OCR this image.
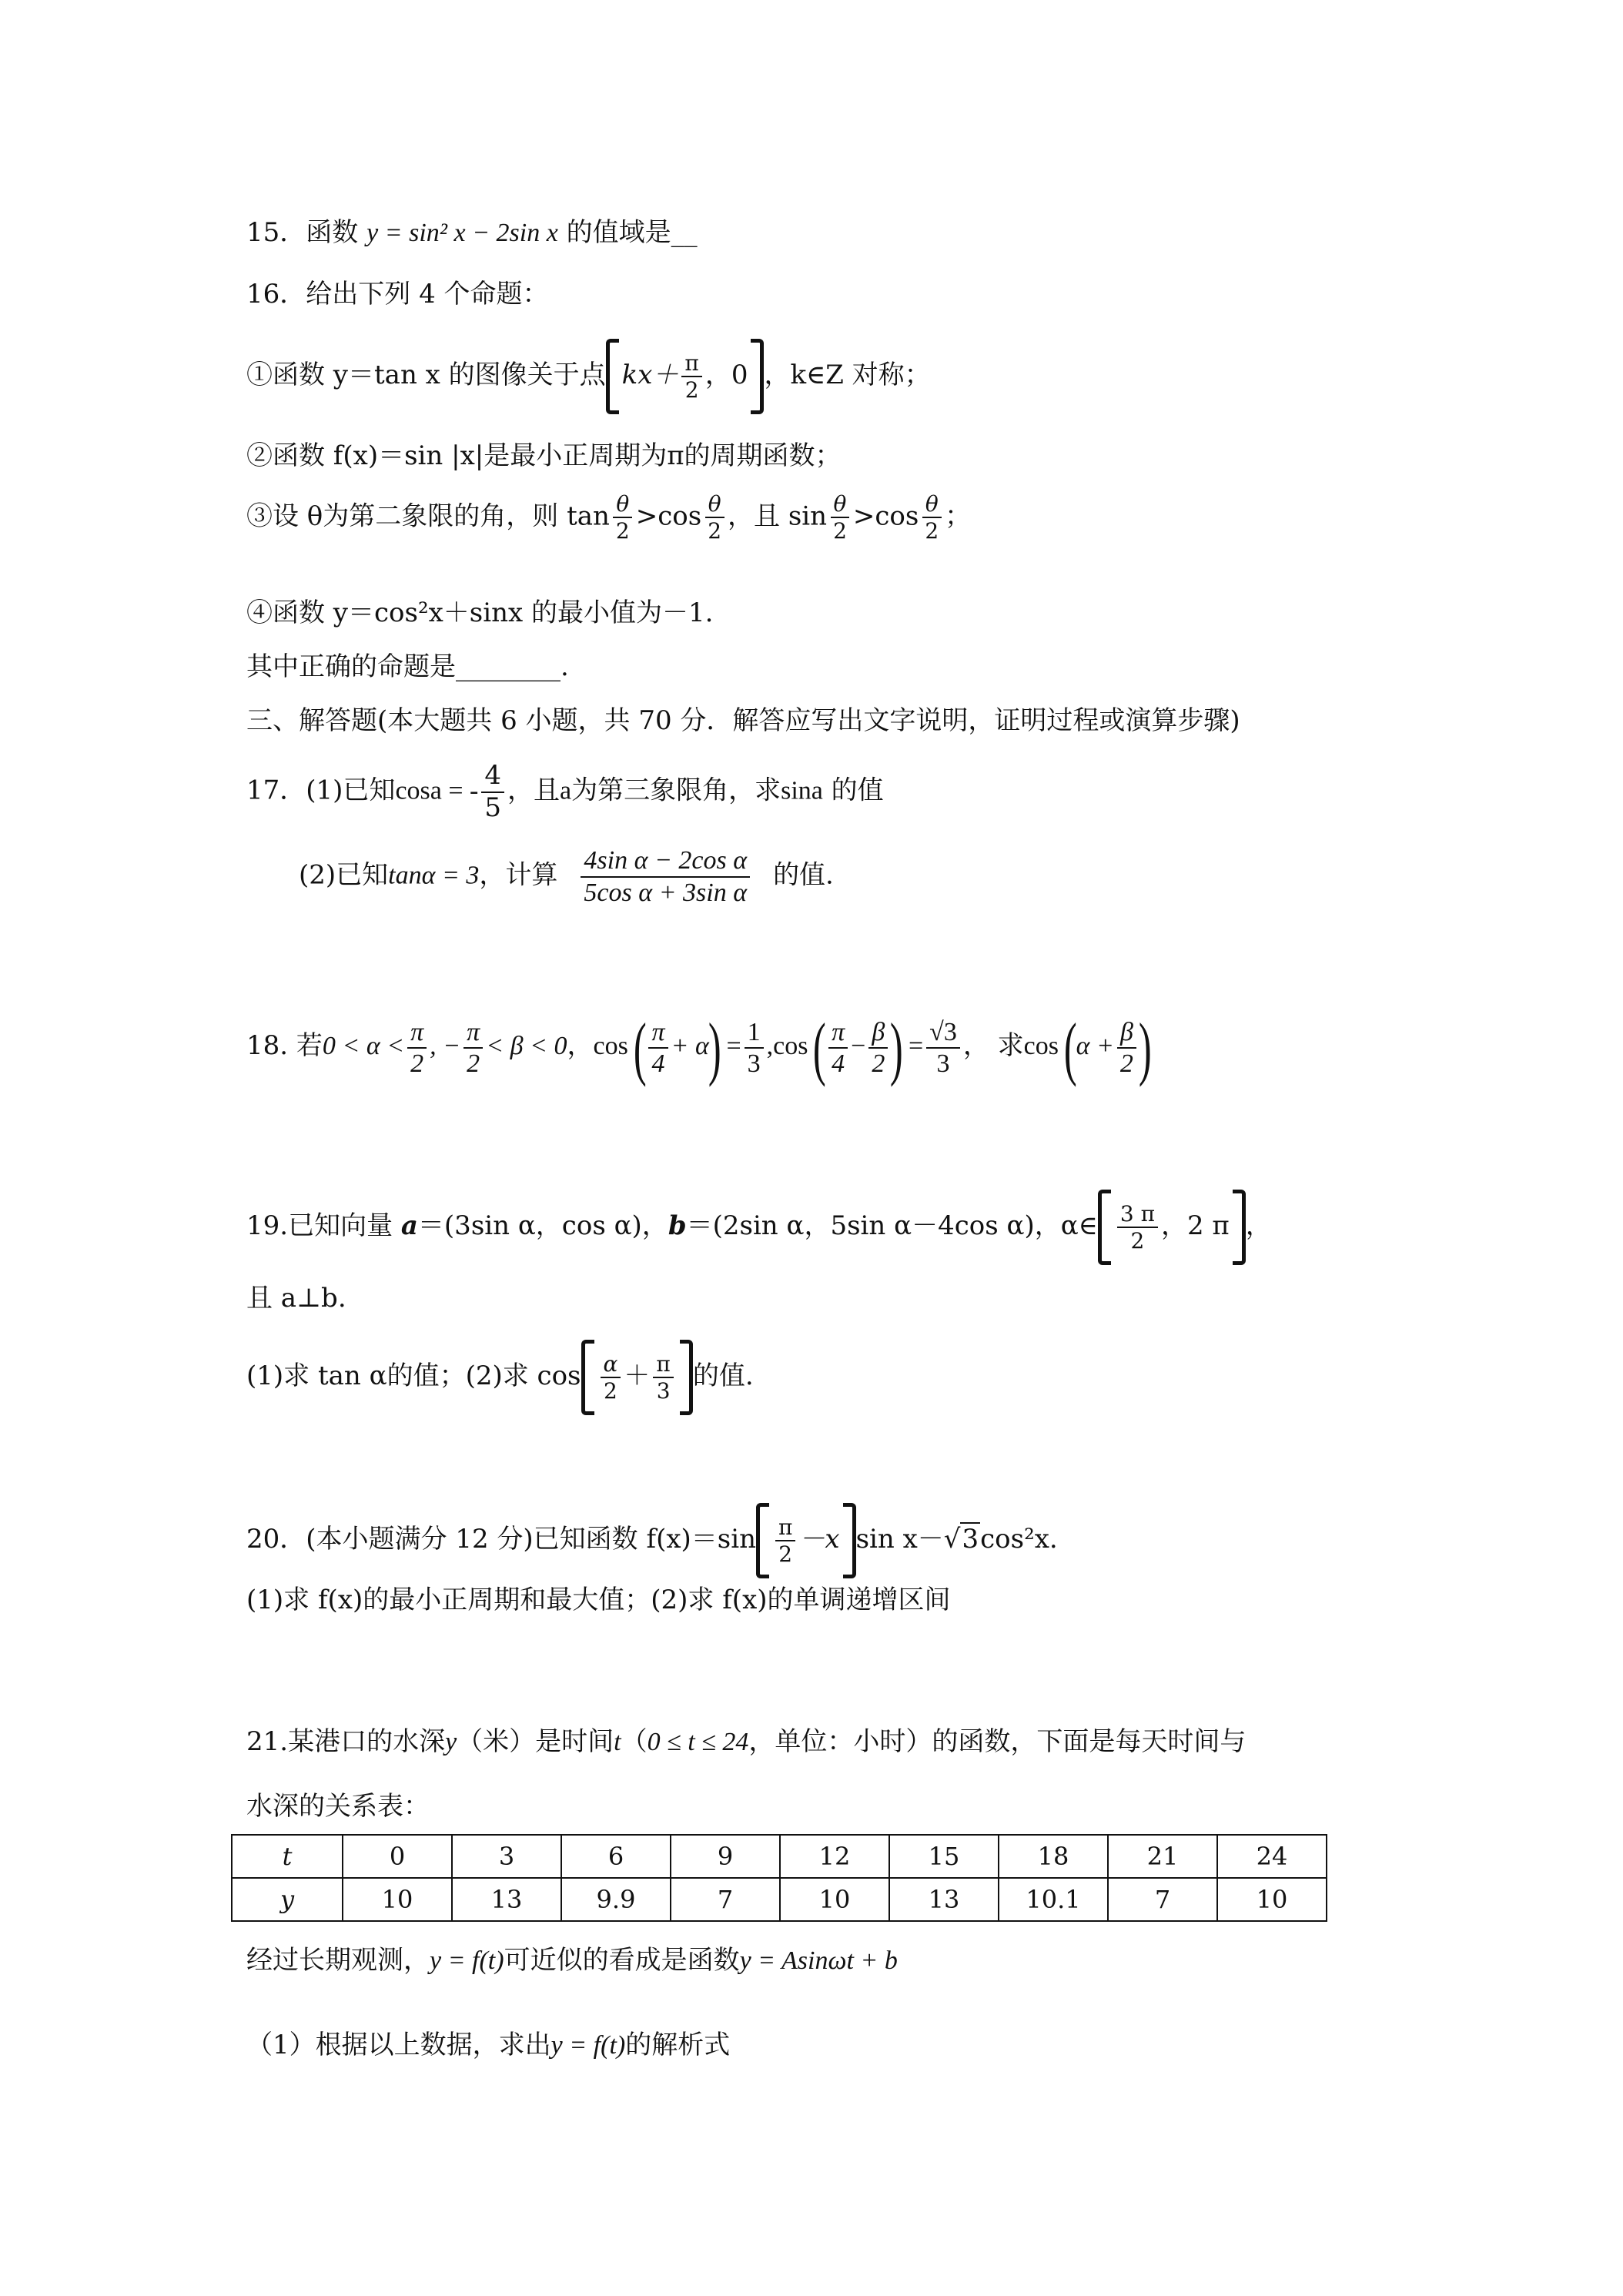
15．函数 y = sin² x − 2sin x 的值域是__
16．给出下列 4 个命题：
①函数 y＝tan x 的图像关于点 $kx+ \frac{\pi}{2}$ ，0 ，k∈Z 对称；
②函数 f(x)＝sin |x|是最小正周期为π的周期函数；
③设 θ为第二象限的角，则 $\tan \frac{\theta}{2} >\cos \frac{\theta}{2}$ ，且 $\sin \frac{\theta}{2} >\cos \frac{\theta}{2}$ ；
④函数 y＝cos²x＋sinx 的最小值为－1.
其中正确的命题是________.
三、解答题(本大题共 6 小题，共 70 分．解答应写出文字说明，证明过程或演算步骤)
17．(1)已知cosa = - $\frac{4}{5}$ ，且a为第三象限角，求sina 的值
(2)已知tanα = 3，计算 $\frac{\text{4sin α − 2cos α}}{\text{5cos α + 3sin α}}$ 的值.
18. 若$0 < \alpha < \frac{\pi}{2}$ , − $\frac{\pi}{2} < \beta < 0$，$\cos( \frac{\pi}{4} + \alpha) = \frac{1}{3} ,\cos( \frac{\pi}{4} - \frac{\beta}{2}$ ) = $\frac{√3}{3}$ ， 求$\cos(\alpha + \frac{\beta}{2}$ )
19.已知向量 a＝(3sin α，cos α)，b＝(2sin α，5sin α－4cos α)，α∈ $\frac{3 \pi}{2}$ ，2 π ，
且 a⊥b.
(1)求 tan α的值；(2)求 $\cos \frac{\alpha}{2} + \frac{\pi}{3}$ 的值.
20．(本小题满分 12 分)已知函数 $f(x)=\sin \frac{\pi}{2} -x$ sin x－√3cos²x.
(1)求 f(x)的最小正周期和最大值；(2)求 f(x)的单调递增区间
21.某港口的水深y（米）是时间t（0 ≤ t ≤ 24，单位：小时）的函数，下面是每天时间与
水深的关系表：
t	0	3	6	9	12	15	18	21	24
y	10	13	9.9	7	10	13	10.1	7	10
经过长期观测，y = f(t)可近似的看成是函数y = Asinωt + b
（1）根据以上数据，求出y = f(t)的解析式
